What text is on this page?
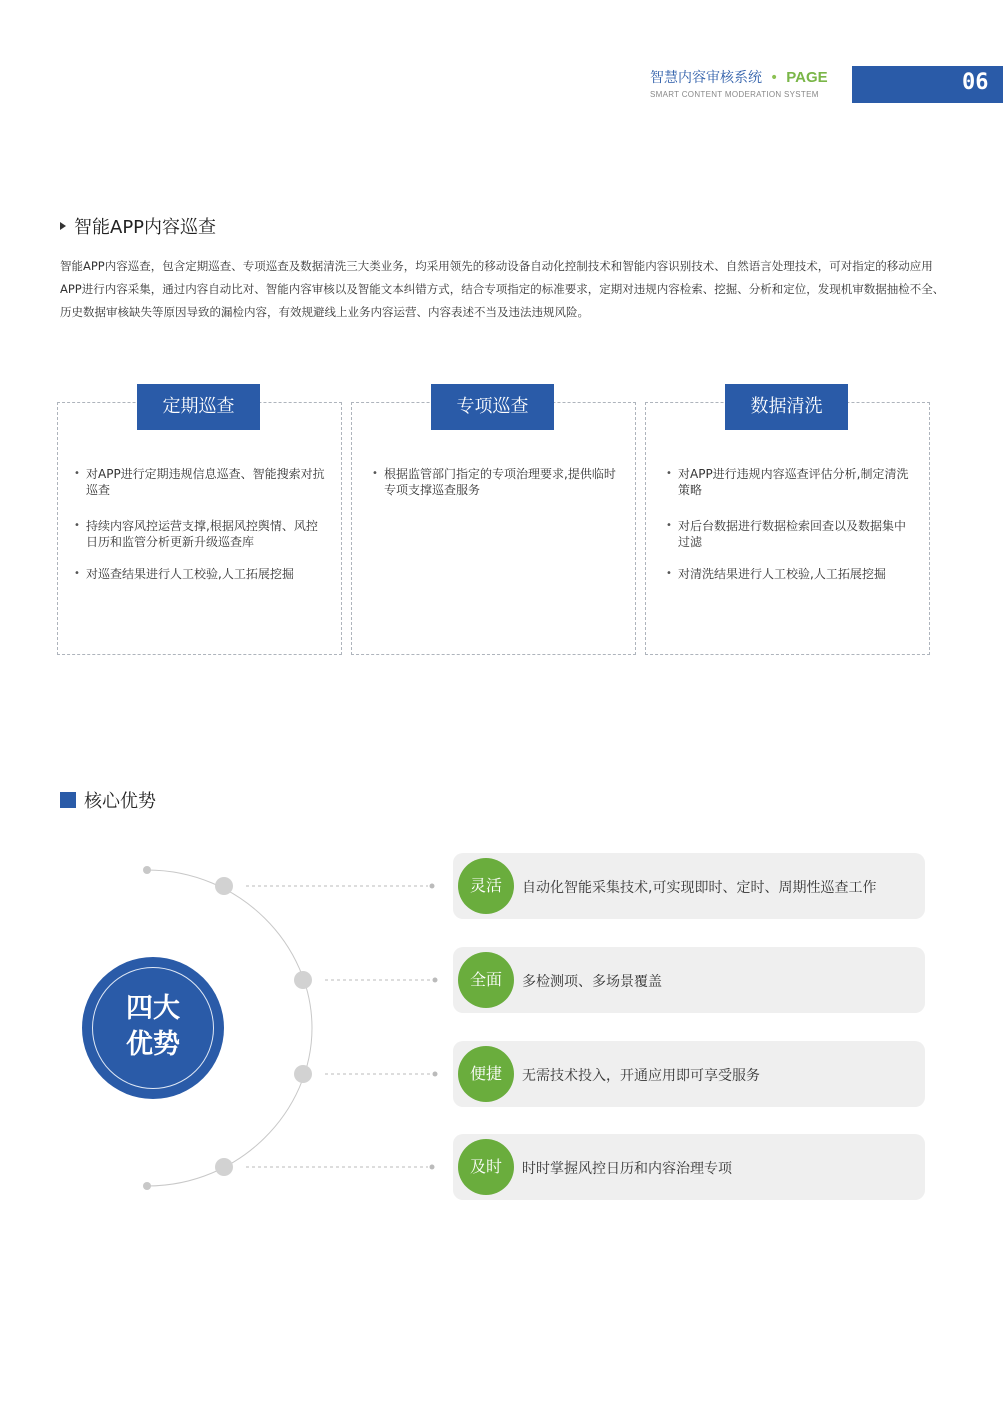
智慧内容审核系统 • PAGE
SMART CONTENT MODERATION SYSTEM	06
智能APP内容巡查
智能APP内容巡查，包含定期巡查、专项巡查及数据清洗三大类业务，均采用领先的移动设备自动化控制技术和智能内容识别技术、自然语言处理技术，可对指定的移动应用APP进行内容采集，通过内容自动比对、智能内容审核以及智能文本纠错方式，结合专项指定的标准要求，定期对违规内容检索、挖掘、分析和定位，发现机审数据抽检不全、历史数据审核缺失等原因导致的漏检内容，有效规避线上业务内容运营、内容表述不当及违法违规风险。
定期巡查
• 对APP进行定期违规信息巡查、智能搜索对抗巡查
• 持续内容风控运营支撑,根据风控舆情、风控日历和监管分析更新升级巡查库
• 对巡查结果进行人工校验,人工拓展挖掘
专项巡查
• 根据监管部门指定的专项治理要求,提供临时专项支撑巡查服务
数据清洗
• 对APP进行违规内容巡查评估分析,制定清洗策略
• 对后台数据进行数据检索回查以及数据集中过滤
• 对清洗结果进行人工校验,人工拓展挖掘
核心优势
四大
优势
灵活	自动化智能采集技术,可实现即时、定时、周期性巡查工作
全面	多检测项、多场景覆盖
便捷	无需技术投入，开通应用即可享受服务
及时	时时掌握风控日历和内容治理专项
